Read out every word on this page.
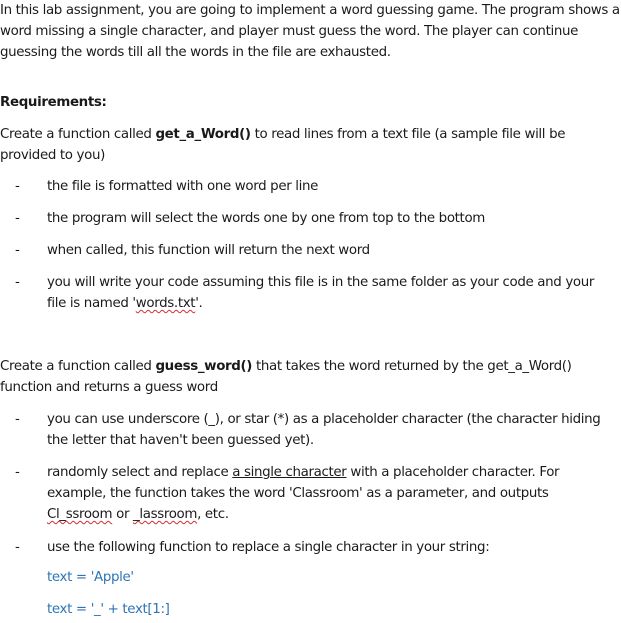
In this lab assignment, you are going to implement a word guessing game. The program shows a
word missing a single character, and player must guess the word. The player can continue
guessing the words till all the words in the file are exhausted.
Requirements:
Create a function called get_a_Word() to read lines from a text file (a sample file will be
provided to you)
- the file is formatted with one word per line
- the program will select the words one by one from top to the bottom
- when called, this function will return the next word
- you will write your code assuming this file is in the same folder as your code and your
file is named 'words.txt'.
Create a function called guess_word() that takes the word returned by the get_a_Word()
function and returns a guess word
- you can use underscore (_), or star (*) as a placeholder character (the character hiding
the letter that haven't been guessed yet).
- randomly select and replace a single character with a placeholder character. For
example, the function takes the word 'Classroom' as a parameter, and outputs
Cl_ssroom or _lassroom, etc.
- use the following function to replace a single character in your string:
text = 'Apple'
text = '_' + text[1:]
